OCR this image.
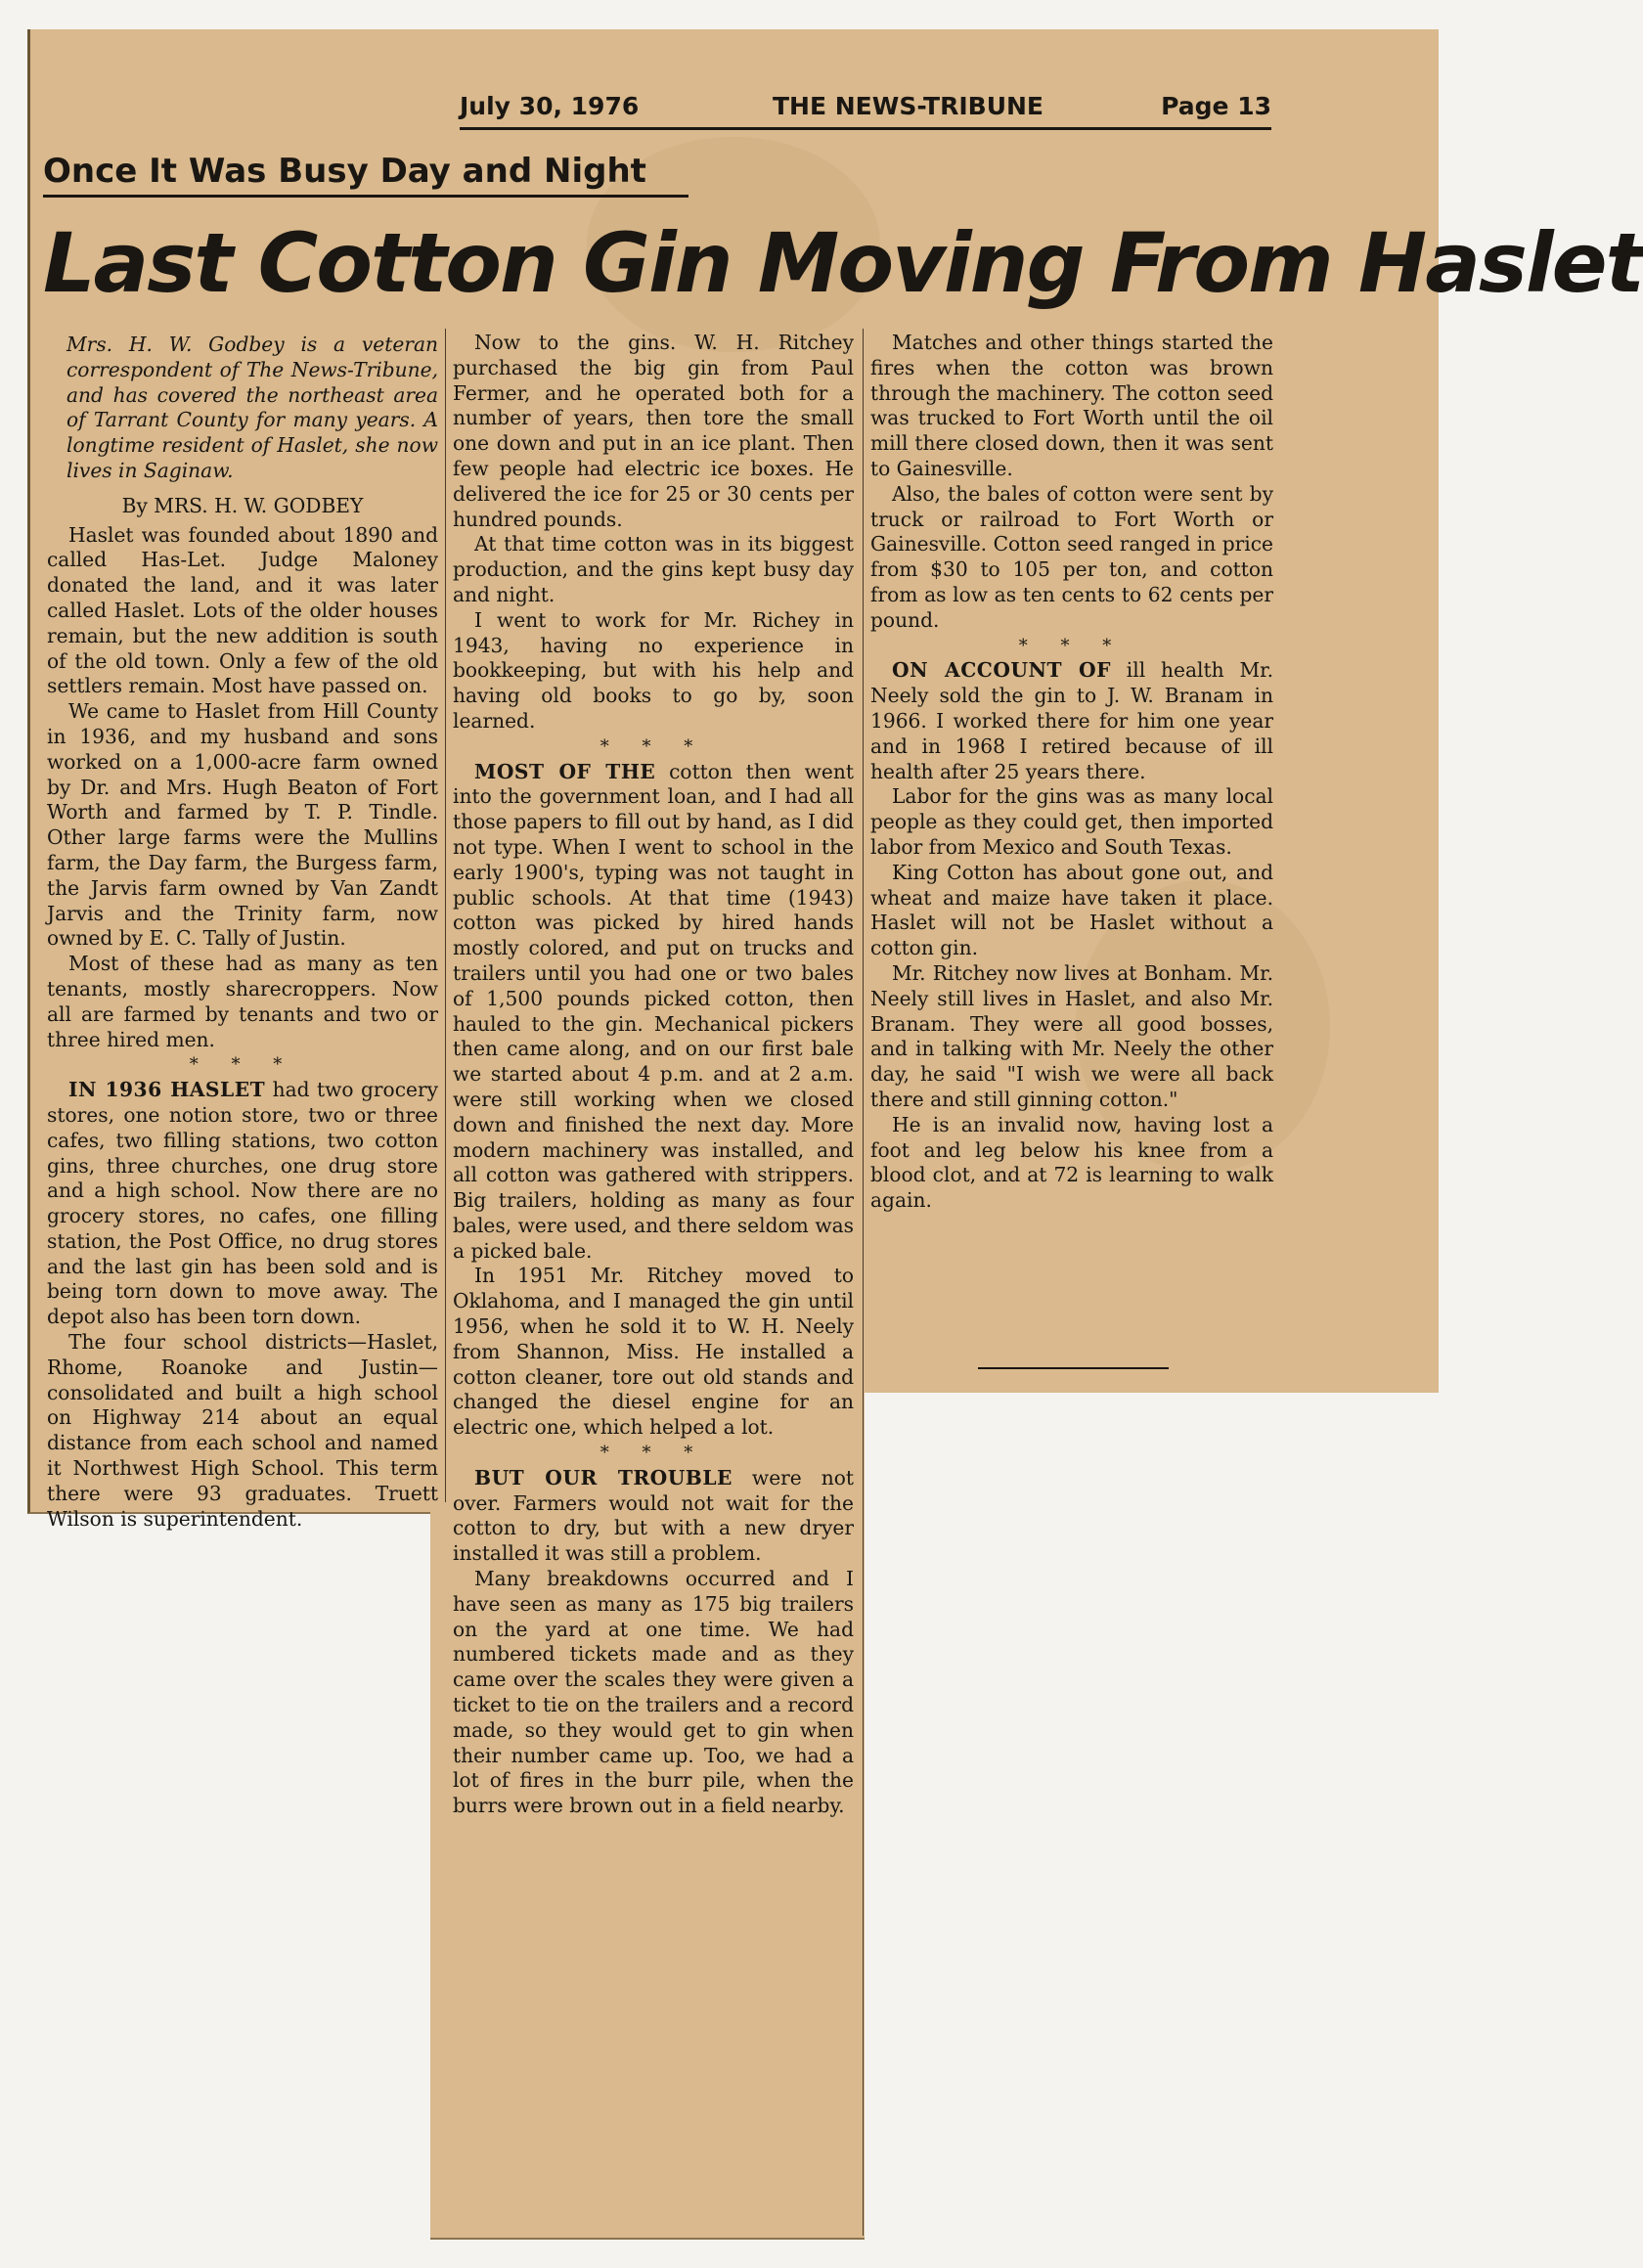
July 30, 1976	THE NEWS-TRIBUNE	Page 13
Once It Was Busy Day and Night
Last Cotton Gin Moving From Haslet

Mrs. H. W. Godbey is a veteran correspondent of The News-Tribune, and has covered the northeast area of Tarrant County for many years. A longtime resident of Haslet, she now lives in Saginaw.

By MRS. H. W. GODBEY

Haslet was founded about 1890 and called Has-Let. Judge Maloney donated the land, and it was later called Haslet. Lots of the older houses remain, but the new addition is south of the old town. Only a few of the old settlers remain. Most have passed on.

We came to Haslet from Hill County in 1936, and my husband and sons worked on a 1,000-acre farm owned by Dr. and Mrs. Hugh Beaton of Fort Worth and farmed by T. P. Tindle. Other large farms were the Mullins farm, the Day farm, the Burgess farm, the Jarvis farm owned by Van Zandt Jarvis and the Trinity farm, now owned by E. C. Tally of Justin.

Most of these had as many as ten tenants, mostly sharecroppers. Now all are farmed by tenants and two or three hired men.

* * *

IN 1936 HASLET had two grocery stores, one notion store, two or three cafes, two filling stations, two cotton gins, three churches, one drug store and a high school. Now there are no grocery stores, no cafes, one filling station, the Post Office, no drug stores and the last gin has been sold and is being torn down to move away. The depot also has been torn down.

The four school districts—Haslet, Rhome, Roanoke and Justin—consolidated and built a high school on Highway 214 about an equal distance from each school and named it Northwest High School. This term there were 93 graduates. Truett Wilson is superintendent.

Now to the gins. W. H. Ritchey purchased the big gin from Paul Fermer, and he operated both for a number of years, then tore the small one down and put in an ice plant. Then few people had electric ice boxes. He delivered the ice for 25 or 30 cents per hundred pounds.

At that time cotton was in its biggest production, and the gins kept busy day and night.

I went to work for Mr. Richey in 1943, having no experience in bookkeeping, but with his help and having old books to go by, soon learned.

* * *

MOST OF THE cotton then went into the government loan, and I had all those papers to fill out by hand, as I did not type. When I went to school in the early 1900's, typing was not taught in public schools. At that time (1943) cotton was picked by hired hands mostly colored, and put on trucks and trailers until you had one or two bales of 1,500 pounds picked cotton, then hauled to the gin. Mechanical pickers then came along, and on our first bale we started about 4 p.m. and at 2 a.m. were still working when we closed down and finished the next day. More modern machinery was installed, and all cotton was gathered with strippers. Big trailers, holding as many as four bales, were used, and there seldom was a picked bale.

In 1951 Mr. Ritchey moved to Oklahoma, and I managed the gin until 1956, when he sold it to W. H. Neely from Shannon, Miss. He installed a cotton cleaner, tore out old stands and changed the diesel engine for an electric one, which helped a lot.

* * *

BUT OUR TROUBLE were not over. Farmers would not wait for the cotton to dry, but with a new dryer installed it was still a problem.

Many breakdowns occurred and I have seen as many as 175 big trailers on the yard at one time. We had numbered tickets made and as they came over the scales they were given a ticket to tie on the trailers and a record made, so they would get to gin when their number came up. Too, we had a lot of fires in the burr pile, when the burrs were brown out in a field nearby.

Matches and other things started the fires when the cotton was brown through the machinery. The cotton seed was trucked to Fort Worth until the oil mill there closed down, then it was sent to Gainesville.

Also, the bales of cotton were sent by truck or railroad to Fort Worth or Gainesville. Cotton seed ranged in price from $30 to 105 per ton, and cotton from as low as ten cents to 62 cents per pound.

* * *

ON ACCOUNT OF ill health Mr. Neely sold the gin to J. W. Branam in 1966. I worked there for him one year and in 1968 I retired because of ill health after 25 years there.

Labor for the gins was as many local people as they could get, then imported labor from Mexico and South Texas.

King Cotton has about gone out, and wheat and maize have taken it place. Haslet will not be Haslet without a cotton gin.

Mr. Ritchey now lives at Bonham. Mr. Neely still lives in Haslet, and also Mr. Branam. They were all good bosses, and in talking with Mr. Neely the other day, he said "I wish we were all back there and still ginning cotton."

He is an invalid now, having lost a foot and leg below his knee from a blood clot, and at 72 is learning to walk again.
